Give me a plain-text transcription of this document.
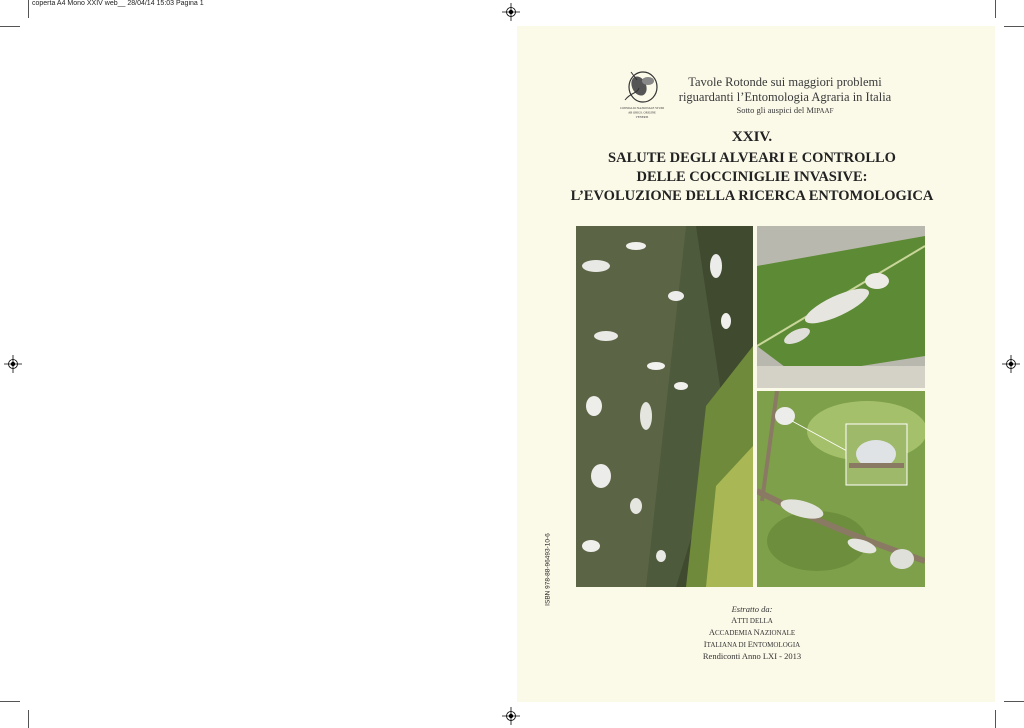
coperta A4 Mono XXIV web__ 28/04/14 15:03 Pagina 1
CONSIGLIO NAZIONALE STUDI
AB ORIGS. ORIGINE
VENERIS
Tavole Rotonde sui maggiori problemi
riguardanti l’Entomologia Agraria in Italia
Sotto gli auspici del MIPAAF
XXIV.
SALUTE DEGLI ALVEARI E CONTROLLO
DELLE COCCINIGLIE INVASIVE:
L’EVOLUZIONE DELLA RICERCA ENTOMOLOGICA
ISBN 978-88-96493-10-6
Estratto da:
ATTI DELLA
ACCADEMIA NAZIONALE
ITALIANA DI ENTOMOLOGIA
Rendiconti Anno LXI - 2013
